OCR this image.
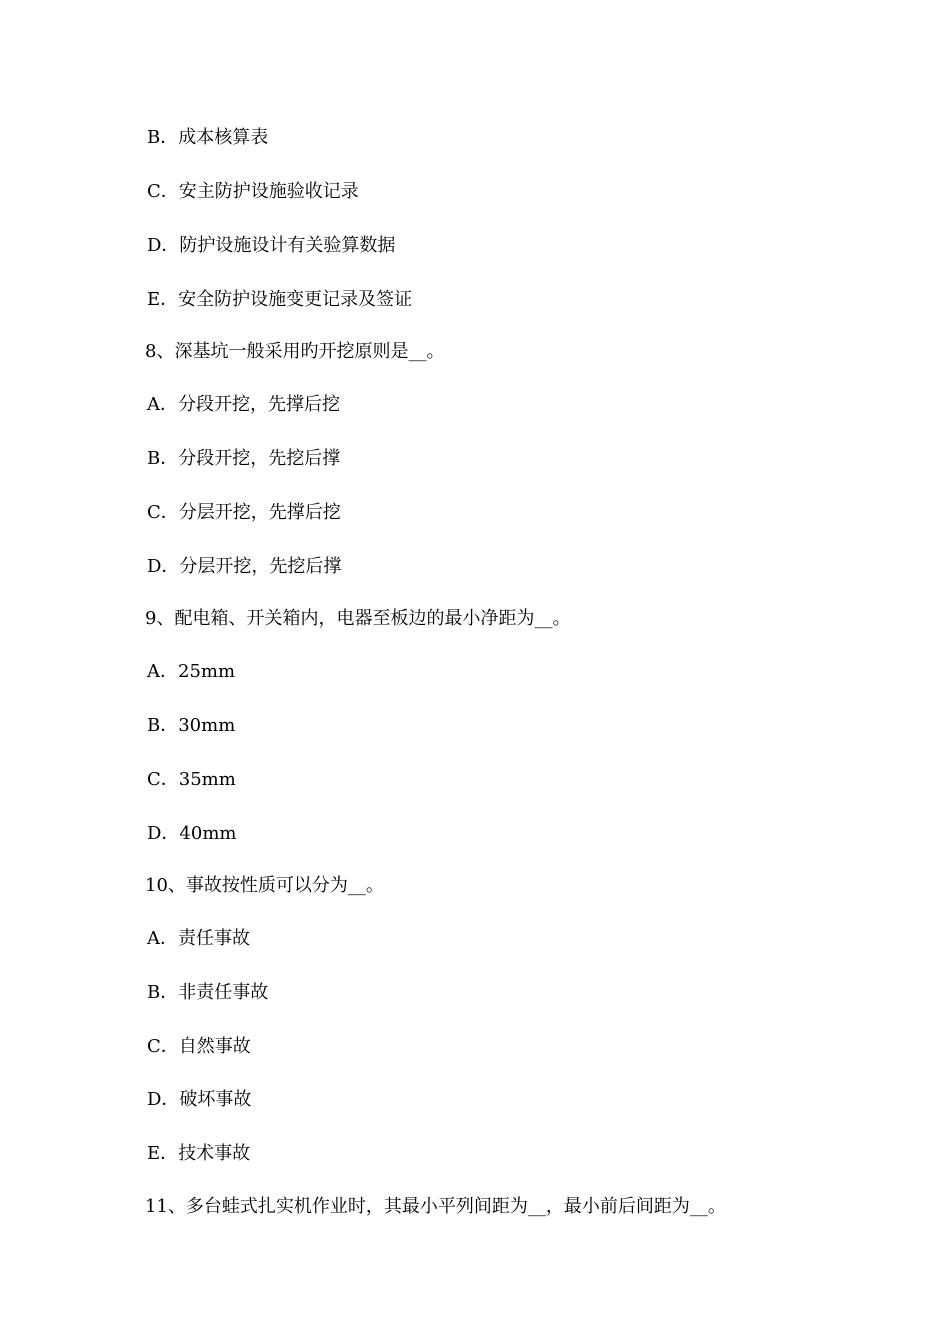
B．成本核算表
C．安主防护设施验收记录
D．防护设施设计有关验算数据
E．安全防护设施变更记录及签证
8、深基坑一般采用旳开挖原则是__。
A．分段开挖，先撑后挖
B．分段开挖，先挖后撑
C．分层开挖，先撑后挖
D．分层开挖，先挖后撑
9、配电箱、开关箱内，电器至板边的最小净距为__。
A．25mm
B．30mm
C．35mm
D．40mm
10、事故按性质可以分为__。
A．责任事故
B．非责任事故
C．自然事故
D．破坏事故
E．技术事故
11、多台蛙式扎实机作业时，其最小平列间距为__，最小前后间距为__。
